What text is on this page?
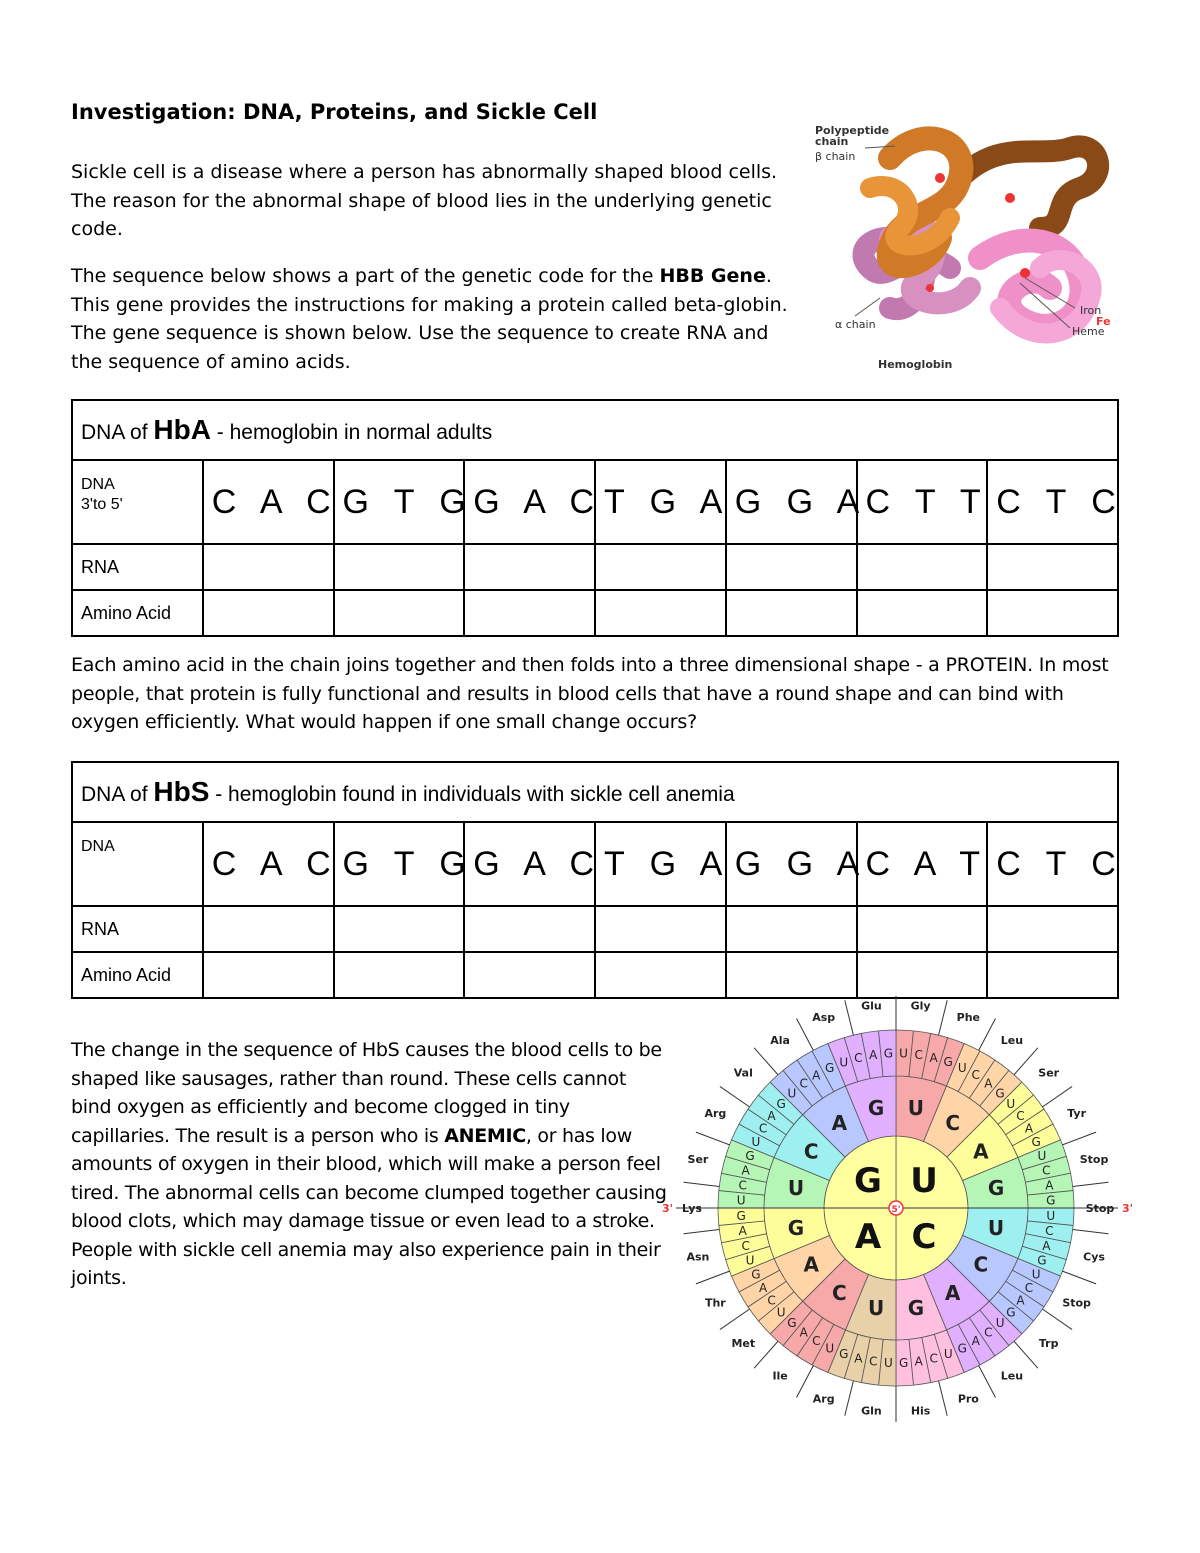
Investigation: DNA, Proteins, and Sickle Cell

Sickle cell is a disease where a person has abnormally shaped blood cells. The reason for the abnormal shape of blood lies in the underlying genetic code.

The sequence below shows a part of the genetic code for the HBB Gene. This gene provides the instructions for making a protein called beta-globin. The gene sequence is shown below. Use the sequence to create RNA and the sequence of amino acids.

Polypeptide
chain
β chain
α chain
Iron
Fe
Heme
Hemoglobin
DNA of HbA - hemoglobin in normal adults							
DNA
3'to 5'	C A C	G T G	G A C	T G A	G G A	C T T	C T C
RNA							
Amino Acid							

Each amino acid in the chain joins together and then folds into a three dimensional shape - a PROTEIN. In most people, that protein is fully functional and results in blood cells that have a round shape and can bind with oxygen efficiently. What would happen if one small change occurs?

DNA of HbS - hemoglobin found in individuals with sickle cell anemia							
DNA	C A C	G T G	G A C	T G A	G G A	C A T	C T C
RNA							
Amino Acid							

The change in the sequence of HbS causes the blood cells to be shaped like sausages, rather than round. These cells cannot bind oxygen as efficiently and become clogged in tiny capillaries. The result is a person who is ANEMIC, or has low amounts of oxygen in their blood, which will make a person feel tired. The abnormal cells can become clumped together causing blood clots, which may damage tissue or even lead to a stroke. People with sickle cell anemia may also experience pain in their joints.

U
C
A
G
U
C
A
G
U
C
A
G
U
C
A
G
U
C
A
G
U C A G U
C
A
G
U
C
A
G
U
C
A
G
U
C
A
G
U
C
A
G
U
C
A
G
U
C
A
G
U
C
A
G
U
C
A
G
U
C
A
G
U
C
A
G
U
C
A
G
U
C
A
G
U
C
A
G U C A G
Gly
Phe
Leu
Ser
Tyr
Stop
Stop
Cys
Stop
Trp
Leu
Pro
His
Gln
Arg
Ile
Met
Thr
Asn
Lys
Ser
Arg
Val
Ala
Asp
Glu
5'
3'	3'
